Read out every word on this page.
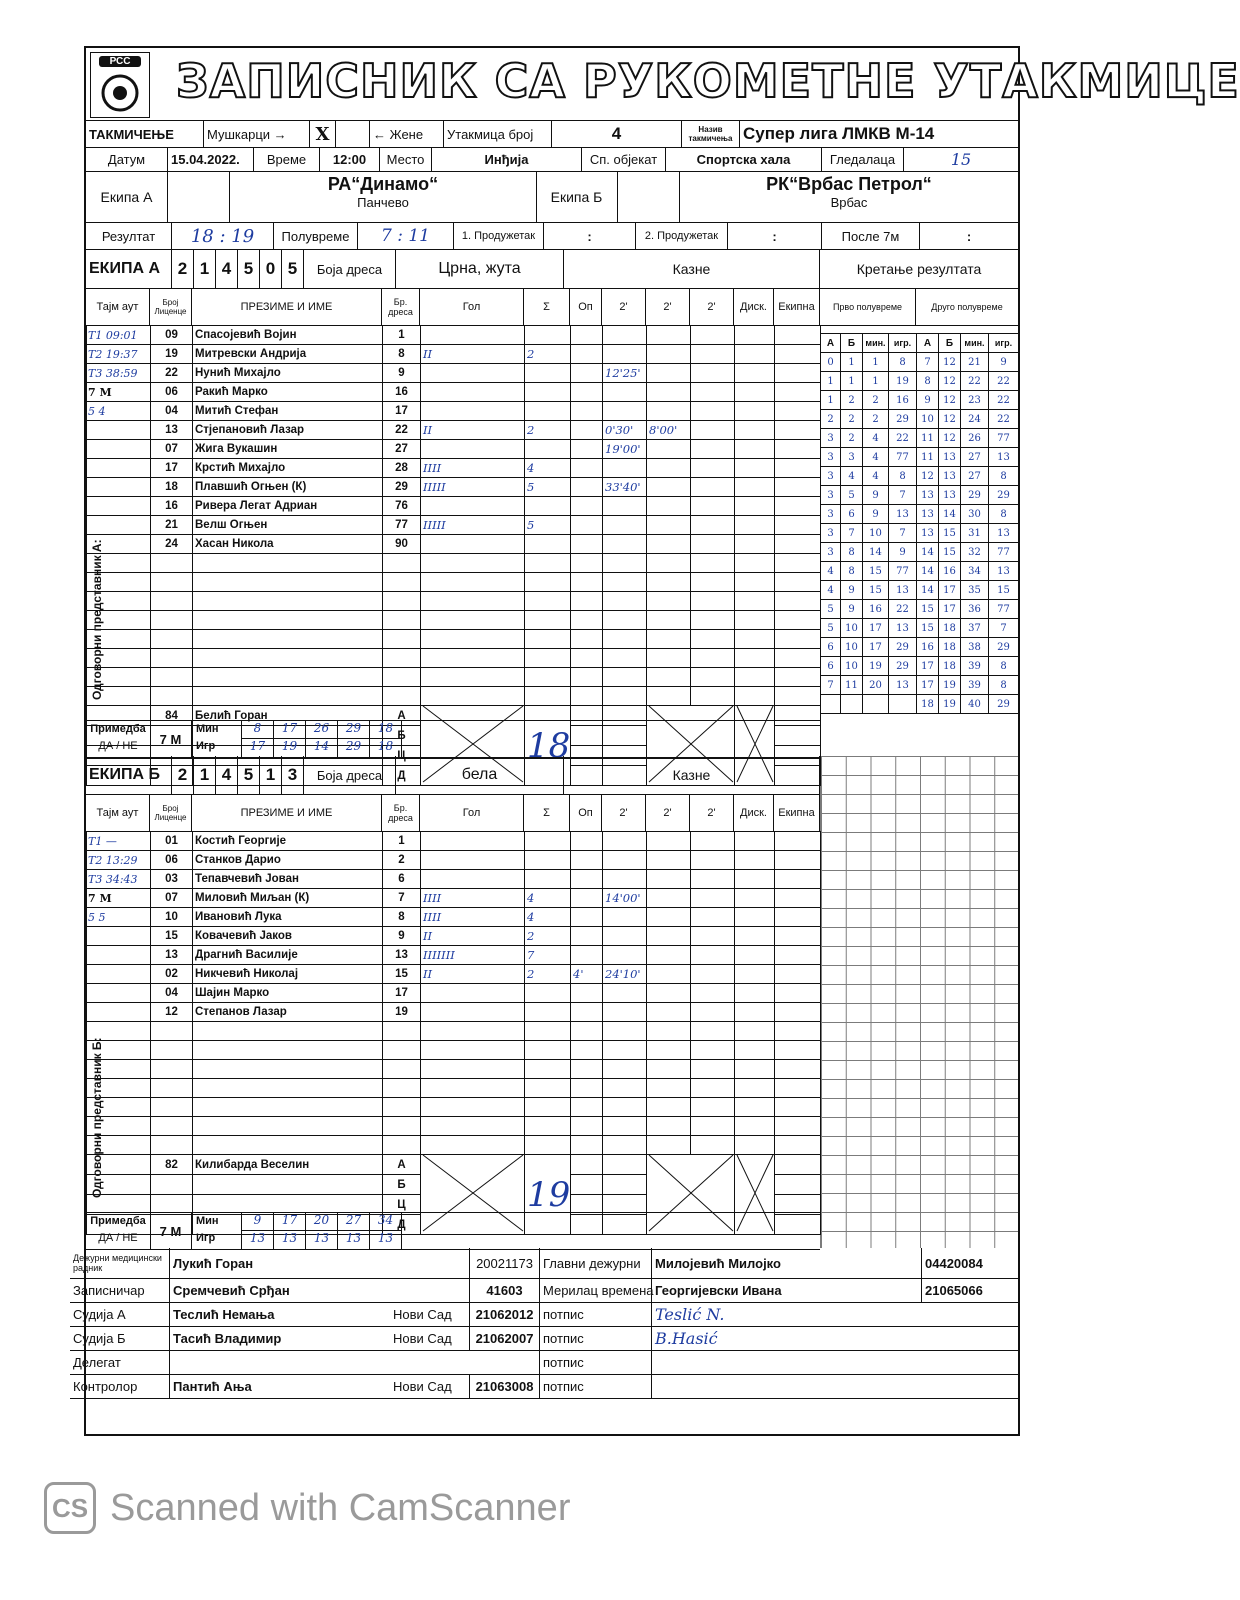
РСС ЗАПИСНИК СА РУКОМЕТНЕ УТАКМИЦЕ
ТАКМИЧЕЊЕ	Мушкарци →	X	← Жене	Утакмица број	4	Назив такмичења Супер лига ЛМКВ М-14
Датум	15.04.2022.	Време	12:00	Место	Инђија	Сп. објекат	Спортска хала	Гледалаца	15
Екипа А
РА“Динамо“
Панчево	Екипа Б
РК“Врбас Петрол“
Врбас
Резултат	18 : 19	Полувреме	7 : 11	1. Продужетак	:	2. Продужетак	:	После 7м	:
ЕКИПА А	2 1 4 5 0 5	Боја дреса	Црна, жута	Казне	Кретање резултата
Тајм аут	Број Лиценце	ПРЕЗИМЕ И ИМЕ	Бр. дреса	Гол	Σ	Оп	2'	2'	2'	Диск.	Екипна	Прво полувреме	Друго полувреме
	09	Спасојевић Војин	1								
	19	Митревски Андрија	8	II	2						
	22	Нунић Михајло	9				12'25'				
	06	Ракић Марко	16								
	04	Митић Стефан	17								
	13	Стјепановић Лазар	22	II	2		0'30'	8'00'			
	07	Жига Вукашин	27				19'00'				
	17	Крстић Михајло	28	IIII	4						
	18	Плавшић Огњен (К)	29	IIIII	5		33'40'				
	16	Ривера Легат Адриан	76								
	21	Велш Огњен	77	IIIII	5						
	24	Хасан Никола	90								

	84	Белић Горан	А		18					
			Б								
			Ц								
			Д								
T1 09:01
T2 19:37
T3 38:59
7 M
5 4
Одговорни представник А:
А	Б	мин.	игр.	А	Б	мин.	игр.
0	1	1	8	7	12	21	9
1	1	1	19	8	12	22	22
1	2	2	16	9	12	23	22
2	2	2	29	10	12	24	22
3	2	4	22	11	12	26	77
3	3	4	77	11	13	27	13
3	4	4	8	12	13	27	8
3	5	9	7	13	13	29	29
3	6	9	13	13	14	30	8
3	7	10	7	13	15	31	13
3	8	14	9	14	15	32	77
4	8	15	77	14	16	34	13
4	9	15	13	14	17	35	15
5	9	16	22	15	17	36	77
5	10	17	13	15	18	37	7
6	10	17	29	16	18	38	29
6	10	19	29	17	18	39	8
7	11	20	13	17	19	39	8
				18	19	40	29
Примедба
ДА / НЕ	7 M
Мин
Игр
8	17	26	29	18
17	19	14	29	18
ЕКИПА Б	2 1 4 5 1 3	Боја дреса	бела	Казне
Тајм аут	Број Лиценце	ПРЕЗИМЕ И ИМЕ	Бр. дреса	Гол	Σ	Оп	2'	2'	2'	Диск.	Екипна
	01	Костић Георгије	1								
	06	Станков Дарио	2								
	03	Тепавчевић Јован	6								
	07	Миловић Миљан (К)	7	IIII	4		14'00'				
	10	Ивановић Лука	8	IIII	4						
	15	Ковачевић Јаков	9	II	2						
	13	Драгнић Василије	13	IIIIIII	7						
	02	Никчевић Николај	15	II	2	4'	24'10'				
	04	Шајин Марко	17								
	12	Степанов Лазар	19								

	82	Килибарда Веселин	А		19					
			Б								
			Ц								
			Д								
T1 —
T2 13:29
T3 34:43
7 M
5 5
Одговорни представник Б:
Примедба
ДА / НЕ	7 M
Мин
Игр
9	17	20	27	34
13	13	13	13	13
Дежурни медицински радник	Лукић Горан	20021173 Главни дежурни	Милојевић Милојко	04420084
Записничар	Сремчевић Срђан	41603	Мерилац времена Георгијевски Ивана	21065066
Судија А	Теслић Немања	Нови Сад	21062012 потпис	Teslić N.
Судија Б	Тасић Владимир	Нови Сад	21062007 потпис	B.Hasić
Делегат	потпис
Контролор	Пантић Ања	Нови Сад	21063008 потпис
CS Scanned with CamScanner
